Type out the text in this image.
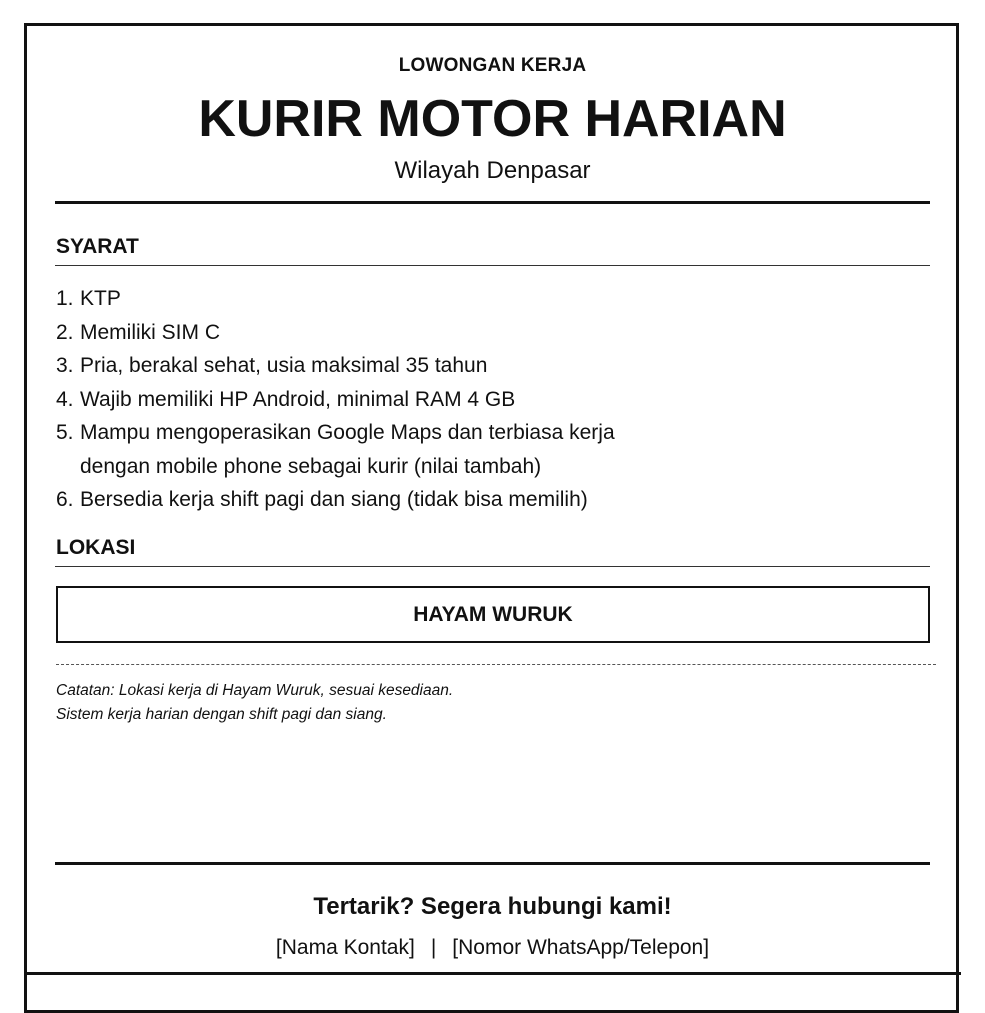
LOWONGAN KERJA
KURIR MOTOR HARIAN
Wilayah Denpasar
SYARAT
1. KTP
2. Memiliki SIM C
3. Pria, berakal sehat, usia maksimal 35 tahun
4. Wajib memiliki HP Android, minimal RAM 4 GB
5. Mampu mengoperasikan Google Maps dan terbiasa kerja dengan mobile phone sebagai kurir (nilai tambah)
6. Bersedia kerja shift pagi dan siang (tidak bisa memilih)
LOKASI
HAYAM WURUK
Catatan: Lokasi kerja di Hayam Wuruk, sesuai kesediaan.
Sistem kerja harian dengan shift pagi dan siang.
Tertarik? Segera hubungi kami!
[Nama Kontak] | [Nomor WhatsApp/Telepon]
